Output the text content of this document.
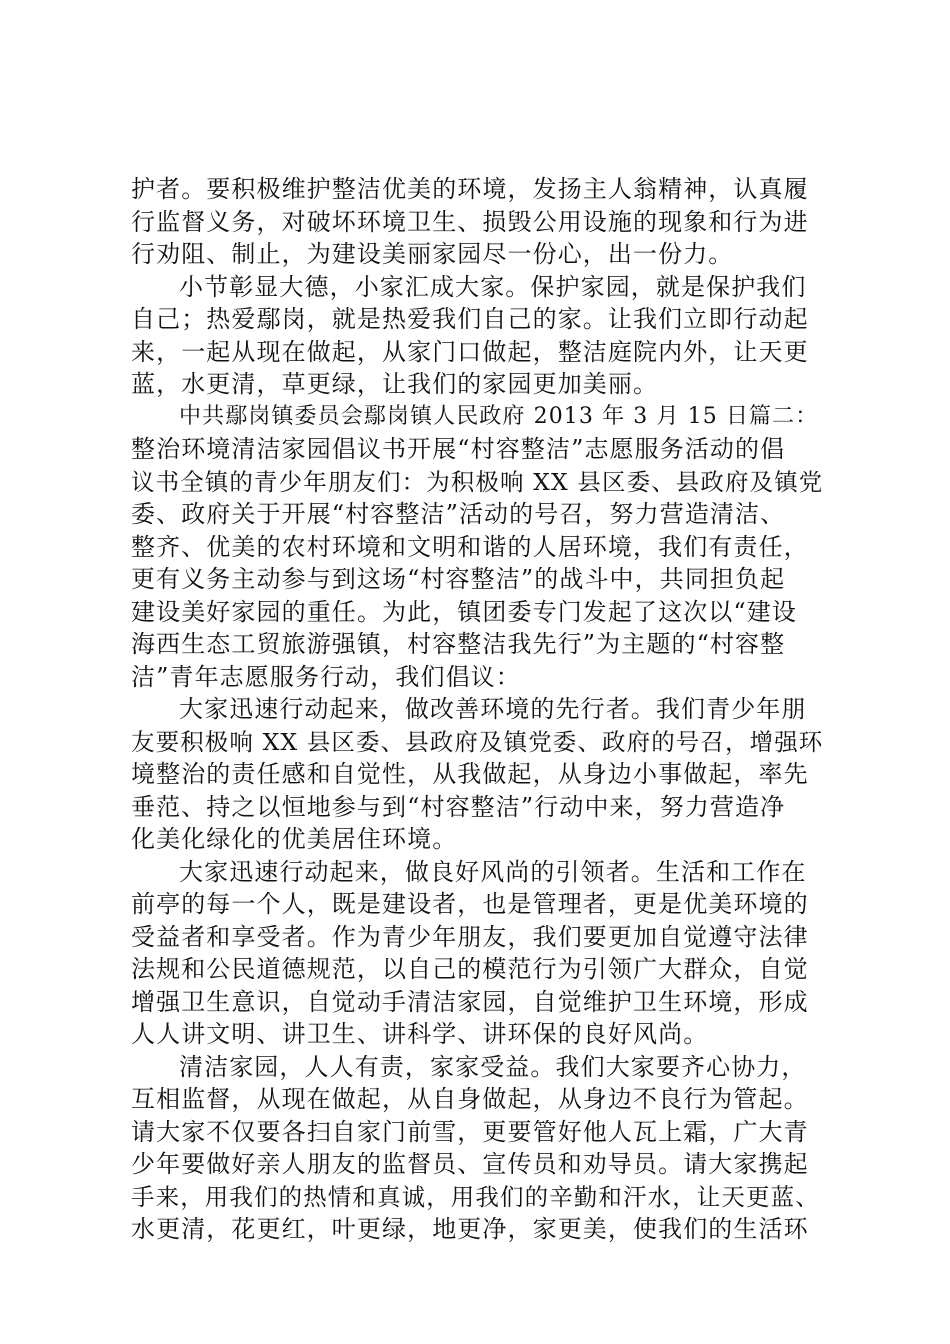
护者。要积极维护整洁优美的环境，发扬主人翁精神，认真履
行监督义务，对破坏环境卫生、损毁公用设施的现象和行为进
行劝阻、制止，为建设美丽家园尽一份心，出一份力。
小节彰显大德，小家汇成大家。保护家园，就是保护我们
自己；热爱鄢岗，就是热爱我们自己的家。让我们立即行动起
来，一起从现在做起，从家门口做起，整洁庭院内外，让天更
蓝，水更清，草更绿，让我们的家园更加美丽。
中共鄢岗镇委员会鄢岗镇人民政府 2013 年 3 月 15 日篇二：
整治环境清洁家园倡议书开展“村容整洁”志愿服务活动的倡
议书全镇的青少年朋友们：为积极响 XX 县区委、县政府及镇党
委、政府关于开展“村容整洁”活动的号召，努力营造清洁、
整齐、优美的农村环境和文明和谐的人居环境，我们有责任，
更有义务主动参与到这场“村容整洁”的战斗中，共同担负起
建设美好家园的重任。为此，镇团委专门发起了这次以“建设
海西生态工贸旅游强镇，村容整洁我先行”为主题的“村容整
洁”青年志愿服务行动，我们倡议：
大家迅速行动起来，做改善环境的先行者。我们青少年朋
友要积极响 XX 县区委、县政府及镇党委、政府的号召，增强环
境整治的责任感和自觉性，从我做起，从身边小事做起，率先
垂范、持之以恒地参与到“村容整洁”行动中来，努力营造净
化美化绿化的优美居住环境。
大家迅速行动起来，做良好风尚的引领者。生活和工作在
前亭的每一个人，既是建设者，也是管理者，更是优美环境的
受益者和享受者。作为青少年朋友，我们要更加自觉遵守法律
法规和公民道德规范，以自己的模范行为引领广大群众，自觉
增强卫生意识，自觉动手清洁家园，自觉维护卫生环境，形成
人人讲文明、讲卫生、讲科学、讲环保的良好风尚。
清洁家园，人人有责，家家受益。我们大家要齐心协力，
互相监督，从现在做起，从自身做起，从身边不良行为管起。
请大家不仅要各扫自家门前雪，更要管好他人瓦上霜，广大青
少年要做好亲人朋友的监督员、宣传员和劝导员。请大家携起
手来，用我们的热情和真诚，用我们的辛勤和汗水，让天更蓝、
水更清，花更红，叶更绿，地更净，家更美，使我们的生活环
